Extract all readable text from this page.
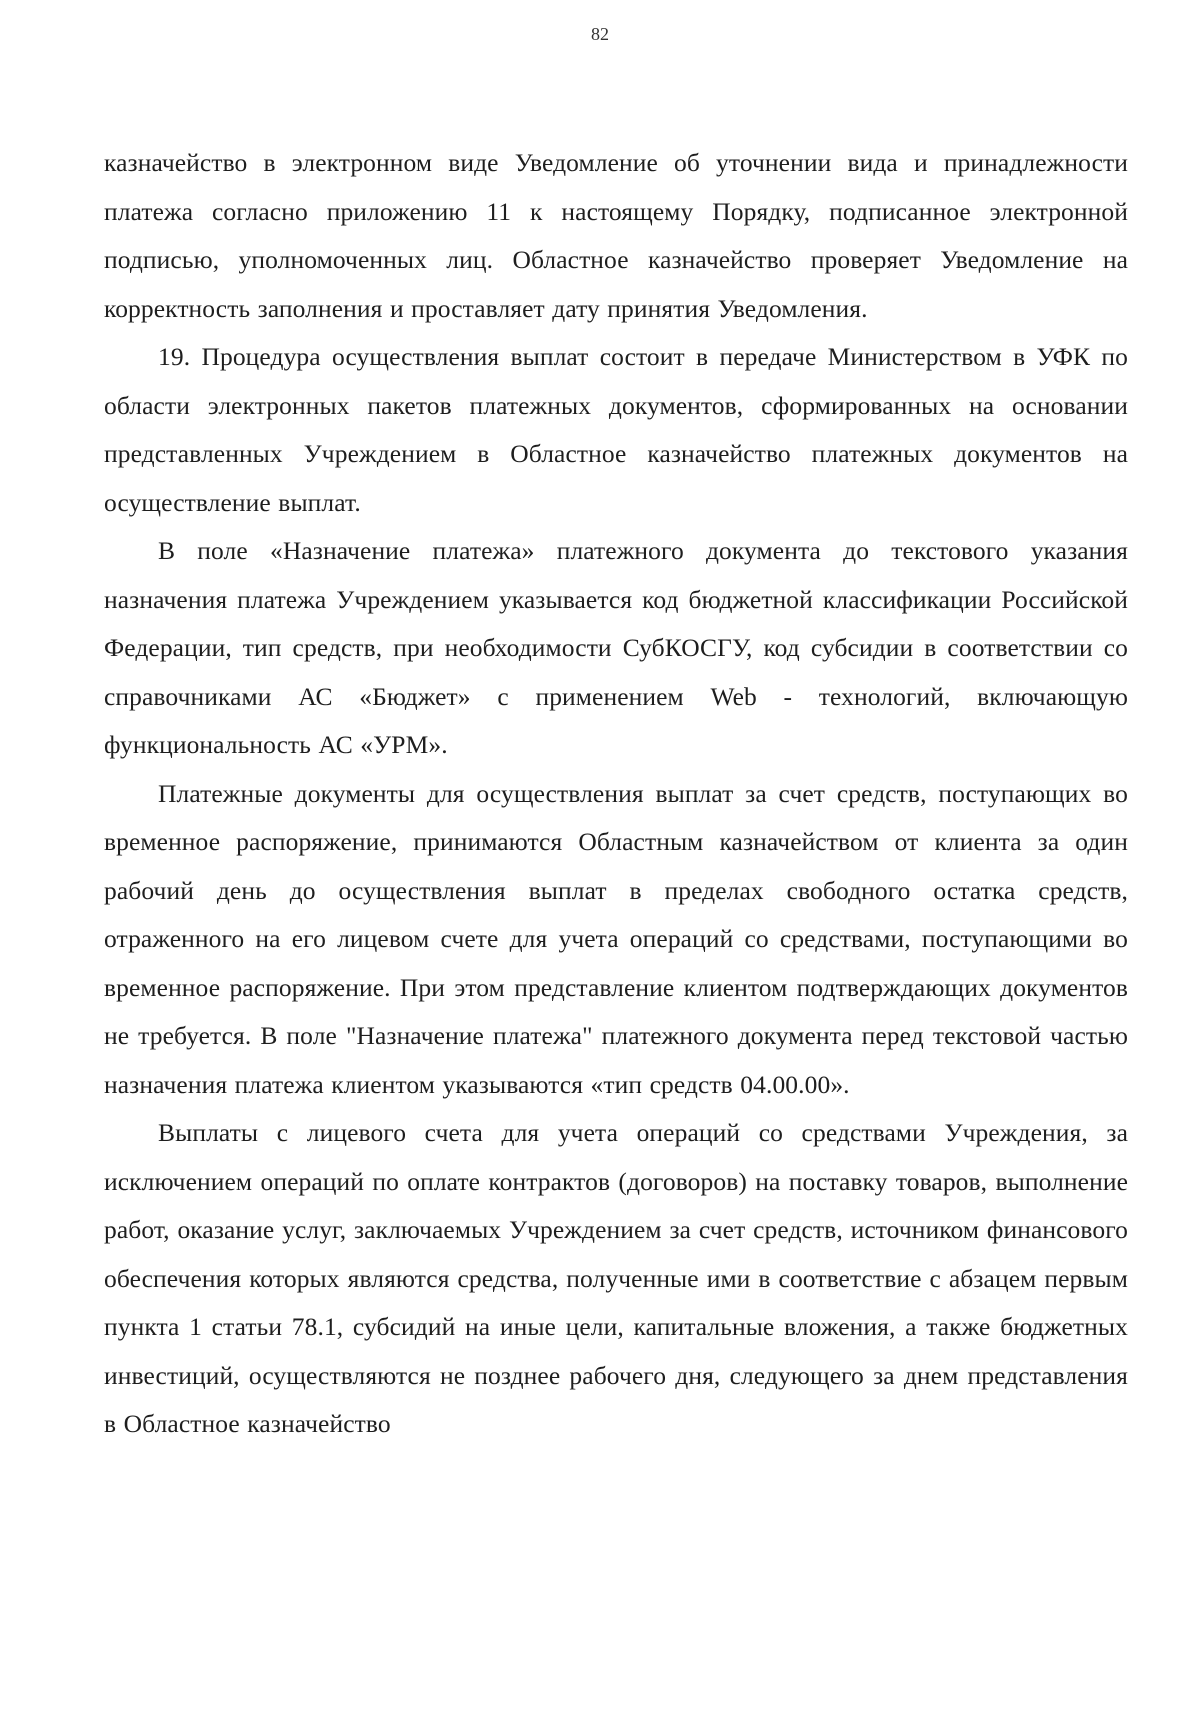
82

казначейство в электронном виде Уведомление об уточнении вида и принадлежности платежа согласно приложению 11 к настоящему Порядку, подписанное электронной подписью, уполномоченных лиц. Областное казначейство проверяет Уведомление на корректность заполнения и проставляет дату принятия Уведомления.

19. Процедура осуществления выплат состоит в передаче Министерством в УФК по области электронных пакетов платежных документов, сформированных на основании представленных Учреждением в Областное казначейство платежных документов на осуществление выплат.

В поле «Назначение платежа» платежного документа до текстового указания назначения платежа Учреждением указывается код бюджетной классификации Российской Федерации, тип средств, при необходимости СубКОСГУ, код субсидии в соответствии со справочниками АС «Бюджет» с применением Web - технологий, включающую функциональность АС «УРМ».

Платежные документы для осуществления выплат за счет средств, поступающих во временное распоряжение, принимаются Областным казначейством от клиента за один рабочий день до осуществления выплат в пределах свободного остатка средств, отраженного на его лицевом счете для учета операций со средствами, поступающими во временное распоряжение. При этом представление клиентом подтверждающих документов не требуется. В поле "Назначение платежа" платежного документа перед текстовой частью назначения платежа клиентом указываются «тип средств 04.00.00».

Выплаты с лицевого счета для учета операций со средствами Учреждения, за исключением операций по оплате контрактов (договоров) на поставку товаров, выполнение работ, оказание услуг, заключаемых Учреждением за счет средств, источником финансового обеспечения которых являются средства, полученные ими в соответствие с абзацем первым пункта 1 статьи 78.1, субсидий на иные цели, капитальные вложения, а также бюджетных инвестиций, осуществляются не позднее рабочего дня, следующего за днем представления в Областное казначейство
